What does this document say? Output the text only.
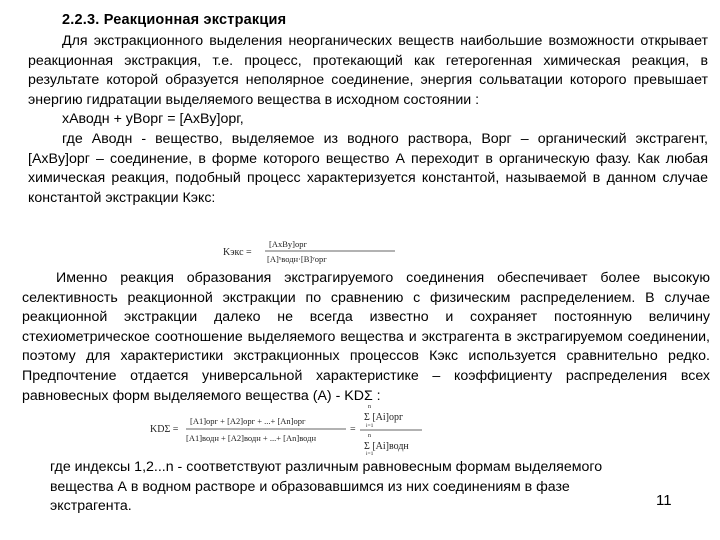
2.2.3. Реакционная экстракция
Для экстракционного выделения неорганических веществ наибольшие возможности открывает реакционная экстракция, т.е. процесс, протекающий как гетерогенная химическая реакция, в результате которой образуется неполярное соединение, энергия сольватации которого превышает энергию гидратации выделяемого вещества в исходном состоянии :
xAводн + yBорг = [AxBy]орг,
где Аводн - вещество, выделяемое из водного раствора, Ворг – органический экстрагент, [AxBy]орг – соединение, в форме которого вещество А переходит в органическую фазу. Как любая химическая реакция, подобный процесс характеризуется константой, называемой в данном случае константой экстракции Кэкс:
Kэкс =
[AxBy]орг
[A]ˣводн·[B]ʸорг
Именно реакция образования экстрагируемого соединения обеспечивает более высокую селективность реакционной экстракции по сравнению с физическим распределением. В случае реакционной экстракции далеко не всегда известно и сохраняет постоянную величину стехиометрическое соотношение выделяемого вещества и экстрагента в экстрагируемом соединении, поэтому для характеристики экстракционных процессов Кэкс используется сравнительно редко. Предпочтение отдается универсальной характеристике – коэффициенту распределения всех равновесных форм выделяемого вещества (А) - KDΣ :
KDΣ =
[A1]орг + [A2]орг + ...+ [An]орг
[A1]водн + [A2]водн + ...+ [An]водн
=
n
Σ [Ai]орг
i=1
n
Σ [Ai]водн
i=1
где индексы 1,2...n - соответствуют различным равновесным формам выделяемого вещества А в водном растворе и образовавшимся из них соединениям в фазе экстрагента.	11
